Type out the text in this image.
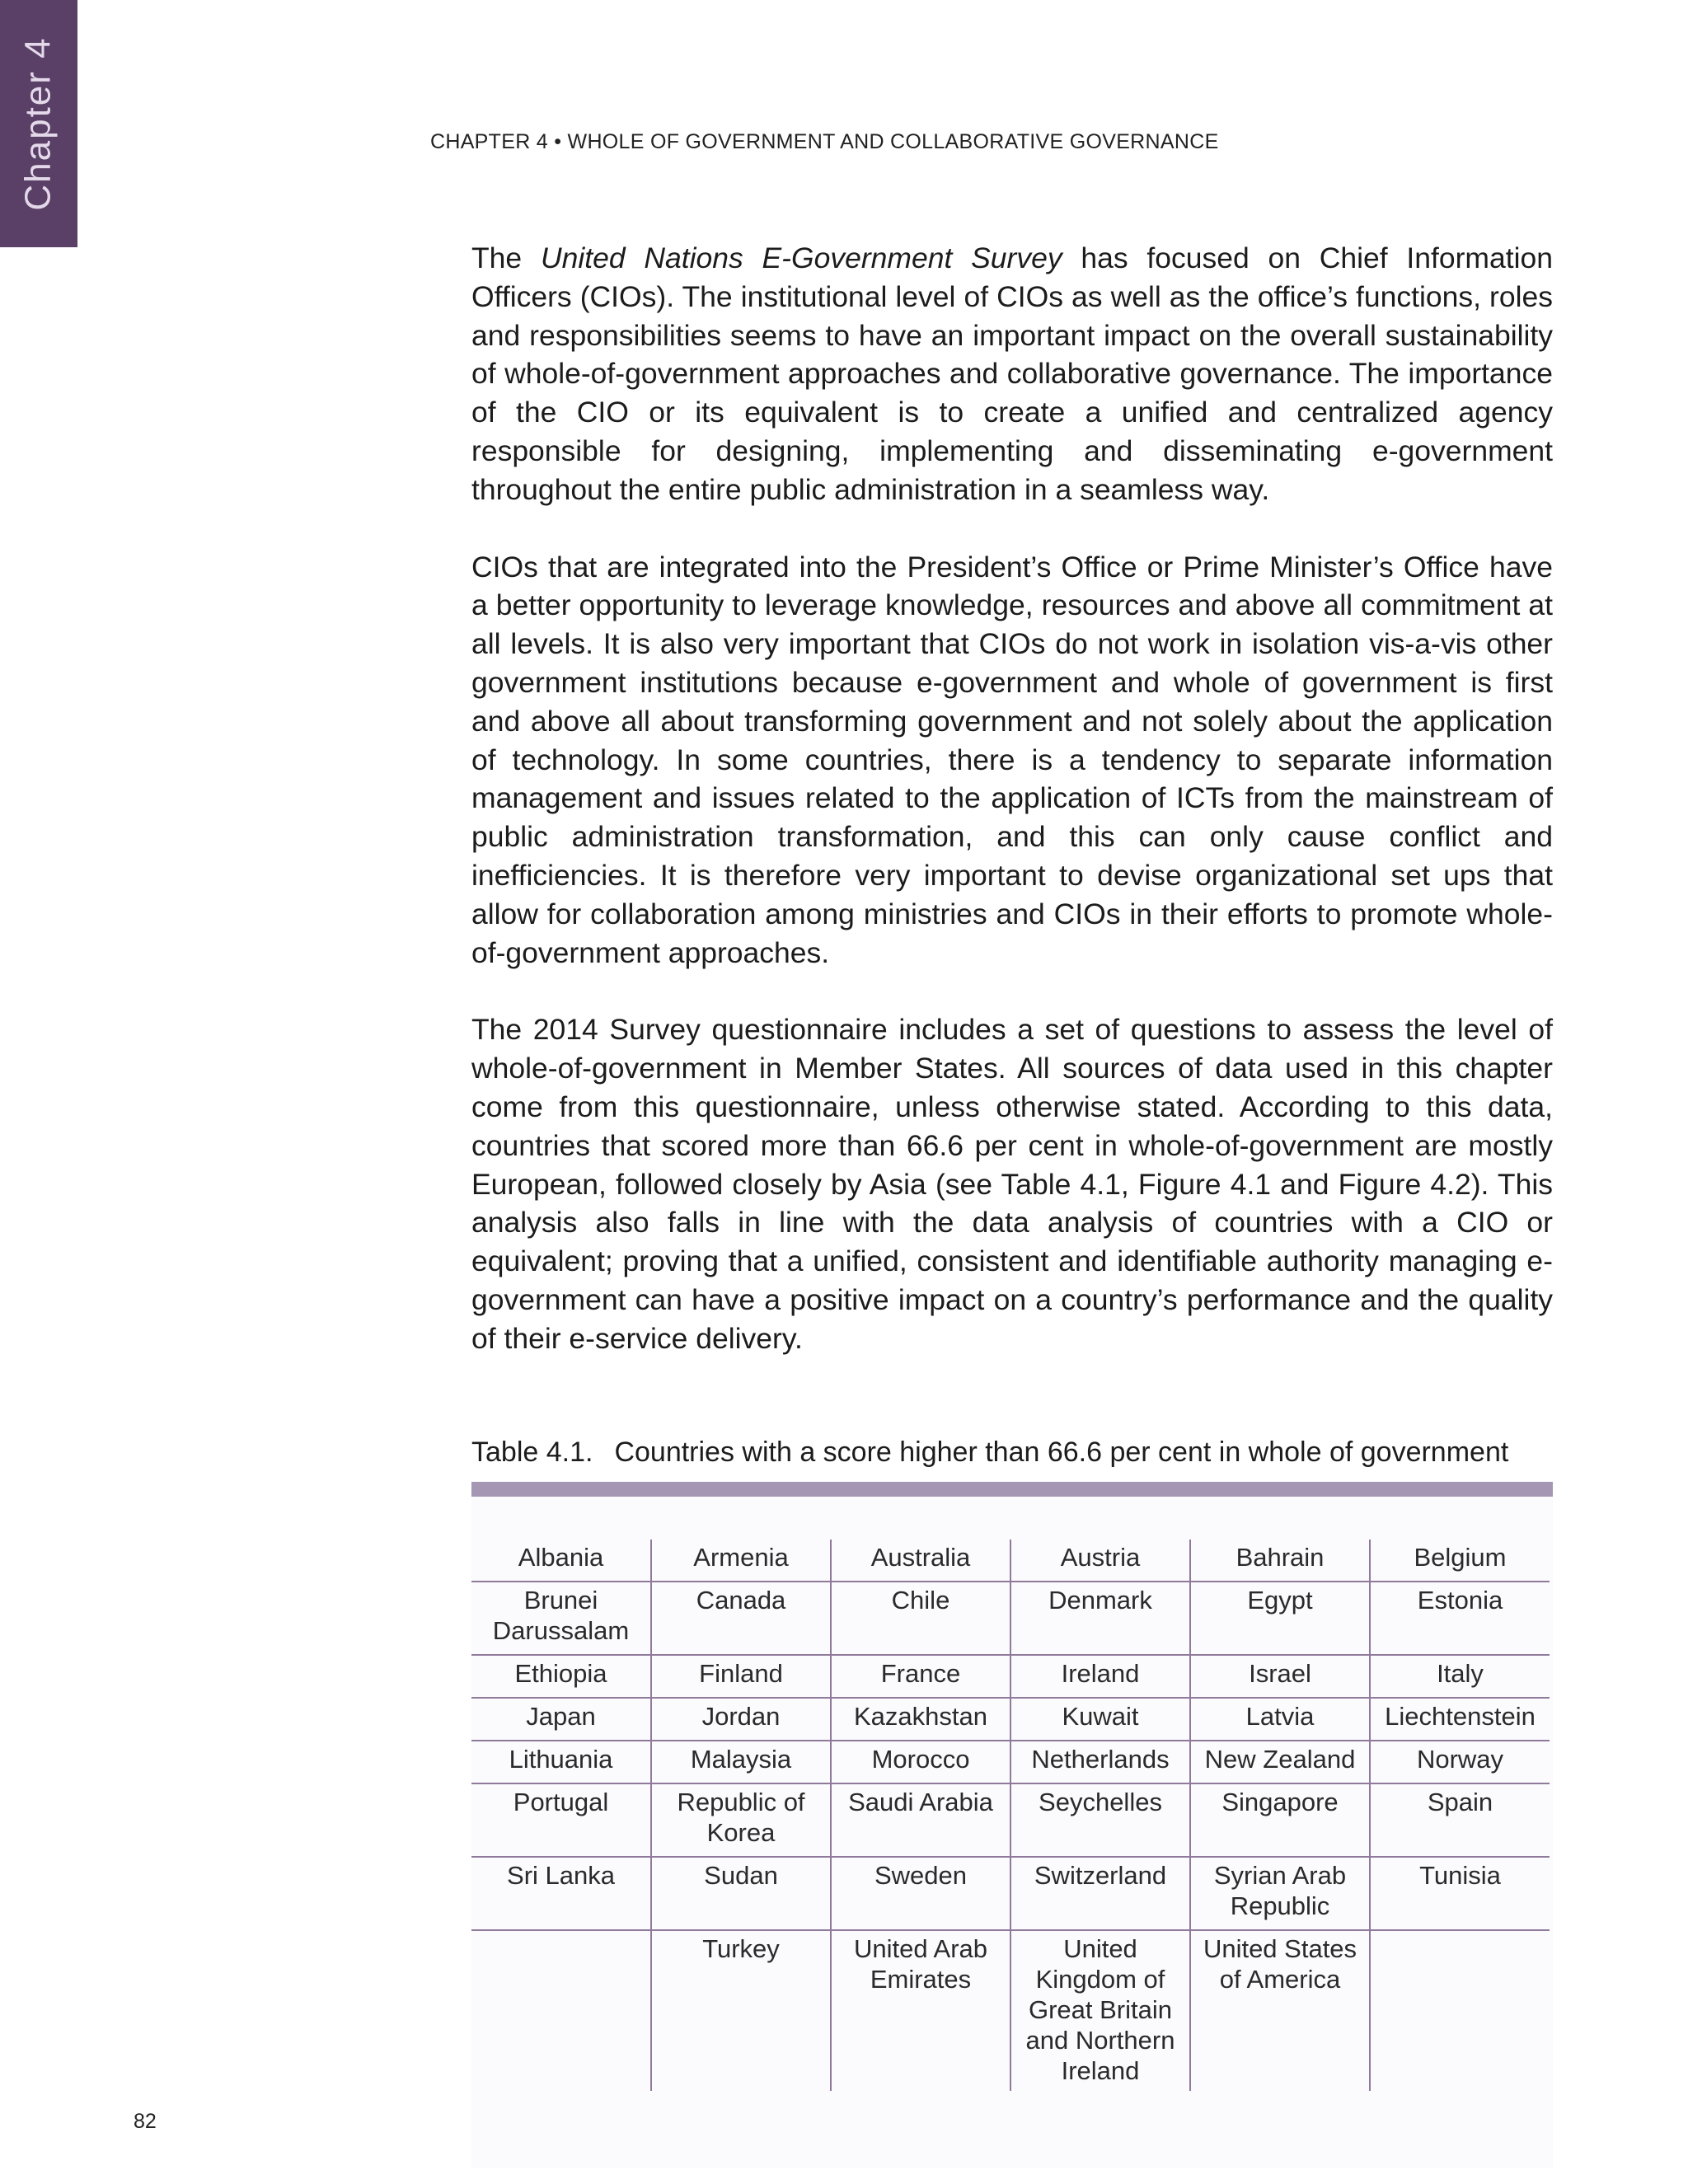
Chapter 4	CHAPTER 4 • WHOLE OF GOVERNMENT AND COLLABORATIVE GOVERNANCE

The United Nations E-Government Survey has focused on Chief Information Officers (CIOs). The institutional level of CIOs as well as the office’s functions, roles and responsibilities seems to have an important impact on the overall sustainability of whole-of-government approaches and collaborative governance. The importance of the CIO or its equivalent is to create a unified and centralized agency responsible for designing, implementing and disseminating e-government throughout the entire public administration in a seamless way.

CIOs that are integrated into the President’s Office or Prime Minister’s Office have a better opportunity to leverage knowledge, resources and above all commitment at all levels. It is also very important that CIOs do not work in isolation vis-a-vis other government institutions because e-government and whole of government is first and above all about transforming government and not solely about the application of technology. In some countries, there is a tendency to separate information management and issues related to the application of ICTs from the mainstream of public administration transformation, and this can only cause conflict and inefficiencies. It is therefore very important to devise organizational set ups that allow for collaboration among ministries and CIOs in their efforts to promote whole-of-government approaches.

The 2014 Survey questionnaire includes a set of questions to assess the level of whole-of-government in Member States. All sources of data used in this chapter come from this questionnaire, unless otherwise stated. According to this data, countries that scored more than 66.6 per cent in whole-of-government are mostly European, followed closely by Asia (see Table 4.1, Figure 4.1 and Figure 4.2). This analysis also falls in line with the data analysis of countries with a CIO or equivalent; proving that a unified, consistent and identifiable authority managing e-government can have a positive impact on a country’s performance and the quality of their e-service delivery.

Table 4.1. Countries with a score higher than 66.6 per cent in whole of government
Albania	Armenia	Australia	Austria	Bahrain	Belgium
Brunei Darussalam	Canada	Chile	Denmark	Egypt	Estonia
Ethiopia	Finland	France	Ireland	Israel	Italy
Japan	Jordan	Kazakhstan	Kuwait	Latvia	Liechtenstein
Lithuania	Malaysia	Morocco	Netherlands	New Zealand	Norway
Portugal	Republic of Korea	Saudi Arabia	Seychelles	Singapore	Spain
Sri Lanka	Sudan	Sweden	Switzerland	Syrian Arab Republic	Tunisia
	Turkey	United Arab Emirates	United Kingdom of Great Britain and Northern Ireland	United States of America	
82
